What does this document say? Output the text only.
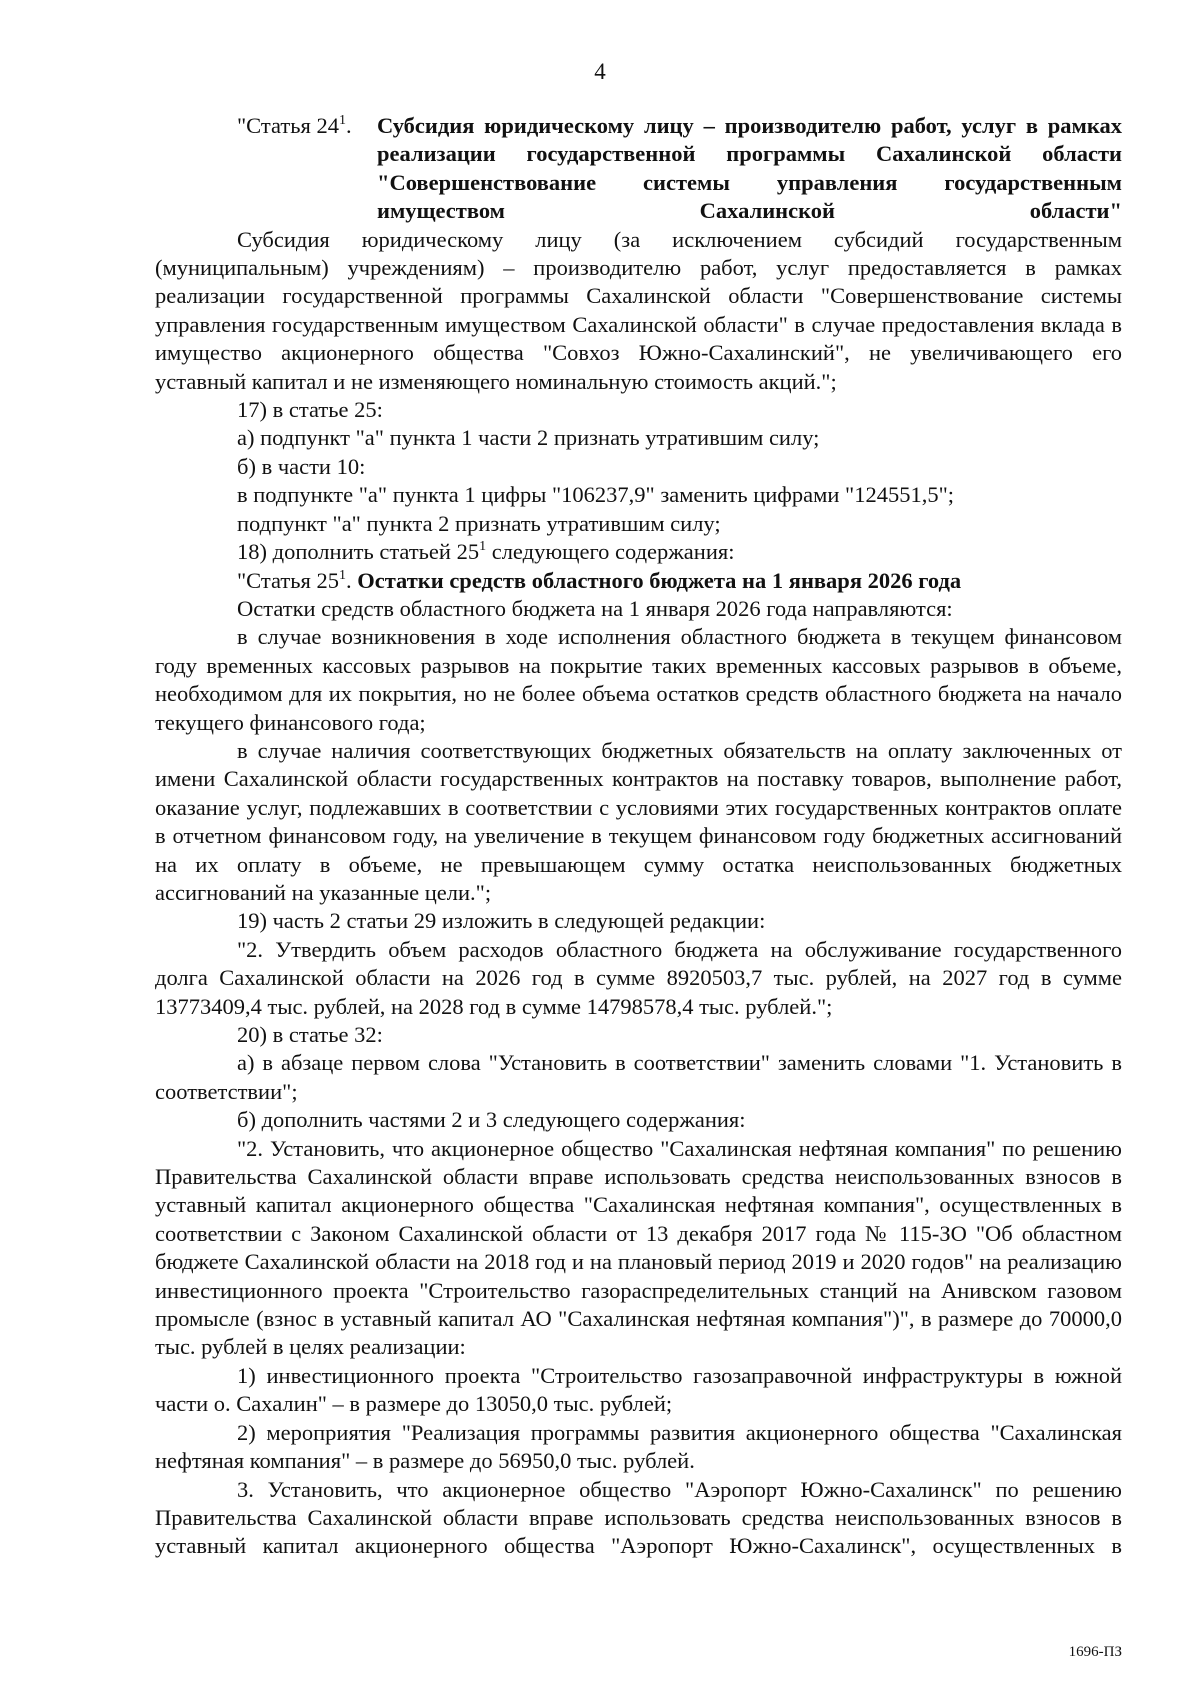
4
"Статья $24^1$.	Субсидия юридическому лицу – производителю работ, услуг в рамках реализации государственной программы Сахалинской области "Совершенствование системы управления государственным имуществом Сахалинской области"

Субсидия юридическому лицу (за исключением субсидий государственным (муниципальным) учреждениям) – производителю работ, услуг предоставляется в рамках реализации государственной программы Сахалинской области "Совершенствование системы управления государственным имуществом Сахалинской области" в случае предоставления вклада в имущество акционерного общества "Совхоз Южно-Сахалинский", не увеличивающего его уставный капитал и не изменяющего номинальную стоимость акций.";

17) в статье 25:

а) подпункт "а" пункта 1 части 2 признать утратившим силу;

б) в части 10:

в подпункте "а" пункта 1 цифры "106237,9" заменить цифрами "124551,5";

подпункт "а" пункта 2 признать утратившим силу;

18) дополнить статьей $25^1$ следующего содержания:

"Статья $25^1$. Остатки средств областного бюджета на 1 января 2026 года

Остатки средств областного бюджета на 1 января 2026 года направляются:

в случае возникновения в ходе исполнения областного бюджета в текущем финансовом году временных кассовых разрывов на покрытие таких временных кассовых разрывов в объеме, необходимом для их покрытия, но не более объема остатков средств областного бюджета на начало текущего финансового года;

в случае наличия соответствующих бюджетных обязательств на оплату заключенных от имени Сахалинской области государственных контрактов на поставку товаров, выполнение работ, оказание услуг, подлежавших в соответствии с условиями этих государственных контрактов оплате в отчетном финансовом году, на увеличение в текущем финансовом году бюджетных ассигнований на их оплату в объеме, не превышающем сумму остатка неиспользованных бюджетных ассигнований на указанные цели.";

19) часть 2 статьи 29 изложить в следующей редакции:

"2. Утвердить объем расходов областного бюджета на обслуживание государственного долга Сахалинской области на 2026 год в сумме 8920503,7 тыс. рублей, на 2027 год в сумме 13773409,4 тыс. рублей, на 2028 год в сумме 14798578,4 тыс. рублей.";

20) в статье 32:

а) в абзаце первом слова "Установить в соответствии" заменить словами "1. Установить в соответствии";

б) дополнить частями 2 и 3 следующего содержания:

"2. Установить, что акционерное общество "Сахалинская нефтяная компания" по решению Правительства Сахалинской области вправе использовать средства неиспользованных взносов в уставный капитал акционерного общества "Сахалинская нефтяная компания", осуществленных в соответствии с Законом Сахалинской области от 13 декабря 2017 года № 115-ЗО "Об областном бюджете Сахалинской области на 2018 год и на плановый период 2019 и 2020 годов" на реализацию инвестиционного проекта "Строительство газораспределительных станций на Анивском газовом промысле (взнос в уставный капитал АО "Сахалинская нефтяная компания")", в размере до 70000,0 тыс. рублей в целях реализации:

1) инвестиционного проекта "Строительство газозаправочной инфраструктуры в южной части о. Сахалин" – в размере до 13050,0 тыс. рублей;

2) мероприятия "Реализация программы развития акционерного общества "Сахалинская нефтяная компания" – в размере до 56950,0 тыс. рублей.

3. Установить, что акционерное общество "Аэропорт Южно-Сахалинск" по решению Правительства Сахалинской области вправе использовать средства неиспользованных взносов в уставный капитал акционерного общества "Аэропорт Южно-Сахалинск", осуществленных в

1696-ПЗ
